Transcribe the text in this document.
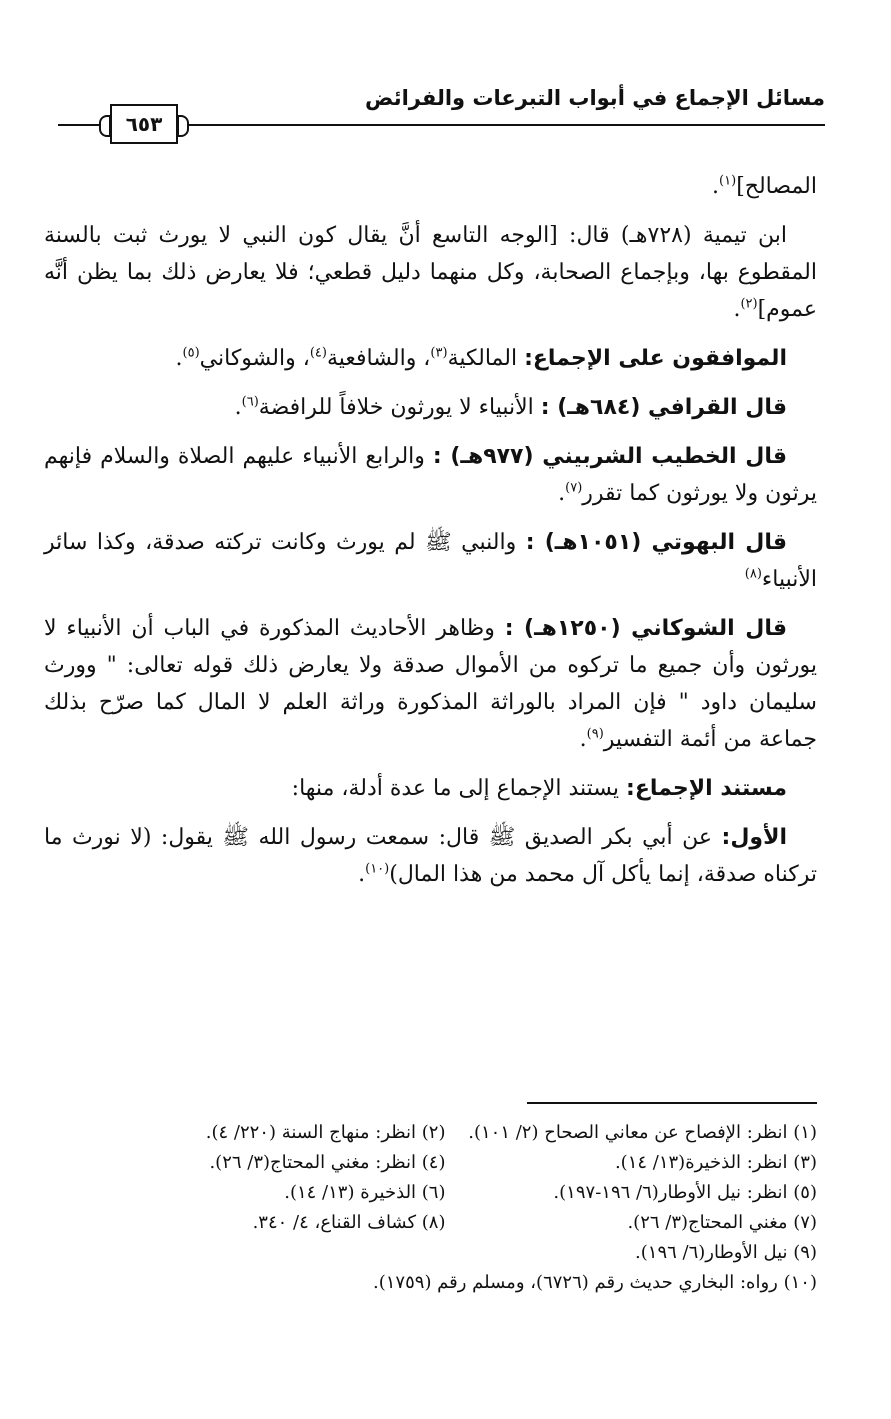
مسائل الإجماع في أبواب التبرعات والفرائض
٦٥٣

المصالح]$^{(١)}$.

ابن تيمية (٧٢٨هـ) قال: [الوجه التاسع أنَّ يقال كون النبي لا يورث ثبت بالسنة المقطوع بها، وبإجماع الصحابة، وكل منهما دليل قطعي؛ فلا يعارض ذلك بما يظن أنَّه عموم]$^{(٢)}$.

الموافقون على الإجماع: المالكية$^{(٣)}$، والشافعية$^{(٤)}$، والشوكاني$^{(٥)}$.

قال القرافي (٦٨٤هـ) : الأنبياء لا يورثون خلافاً للرافضة$^{(٦)}$.

قال الخطيب الشربيني (٩٧٧هـ) : والرابع الأنبياء عليهم الصلاة والسلام فإنهم يرثون ولا يورثون كما تقرر$^{(٧)}$.

قال البهوتي (١٠٥١هـ) : والنبي ﷺ لم يورث وكانت تركته صدقة، وكذا سائر الأنبياء$^{(٨)}$

قال الشوكاني (١٢٥٠هـ) : وظاهر الأحاديث المذكورة في الباب أن الأنبياء لا يورثون وأن جميع ما تركوه من الأموال صدقة ولا يعارض ذلك قوله تعالى: " وورث سليمان داود " فإن المراد بالوراثة المذكورة وراثة العلم لا المال كما صرّح بذلك جماعة من أئمة التفسير$^{(٩)}$.

مستند الإجماع: يستند الإجماع إلى ما عدة أدلة، منها:

الأول: عن أبي بكر الصديق ﷺ قال: سمعت رسول الله ﷺ يقول: (لا نورث ما تركناه صدقة، إنما يأكل آل محمد من هذا المال)$^{(١٠)}$.

(١) انظر: الإفصاح عن معاني الصحاح (٢/ ١٠١).
(٢) انظر: منهاج السنة (٢٢٠/ ٤).
(٣) انظر: الذخيرة(١٣/ ١٤).
(٤) انظر: مغني المحتاج(٣/ ٢٦).
(٥) انظر: نيل الأوطار(٦/ ١٩٦-١٩٧).
(٦) الذخيرة (١٣/ ١٤).
(٧) مغني المحتاج(٣/ ٢٦).
(٨) كشاف القناع، ٤/ ٣٤٠.
(٩) نيل الأوطار(٦/ ١٩٦).
(١٠) رواه: البخاري حديث رقم (٦٧٢٦)، ومسلم رقم (١٧٥٩).
